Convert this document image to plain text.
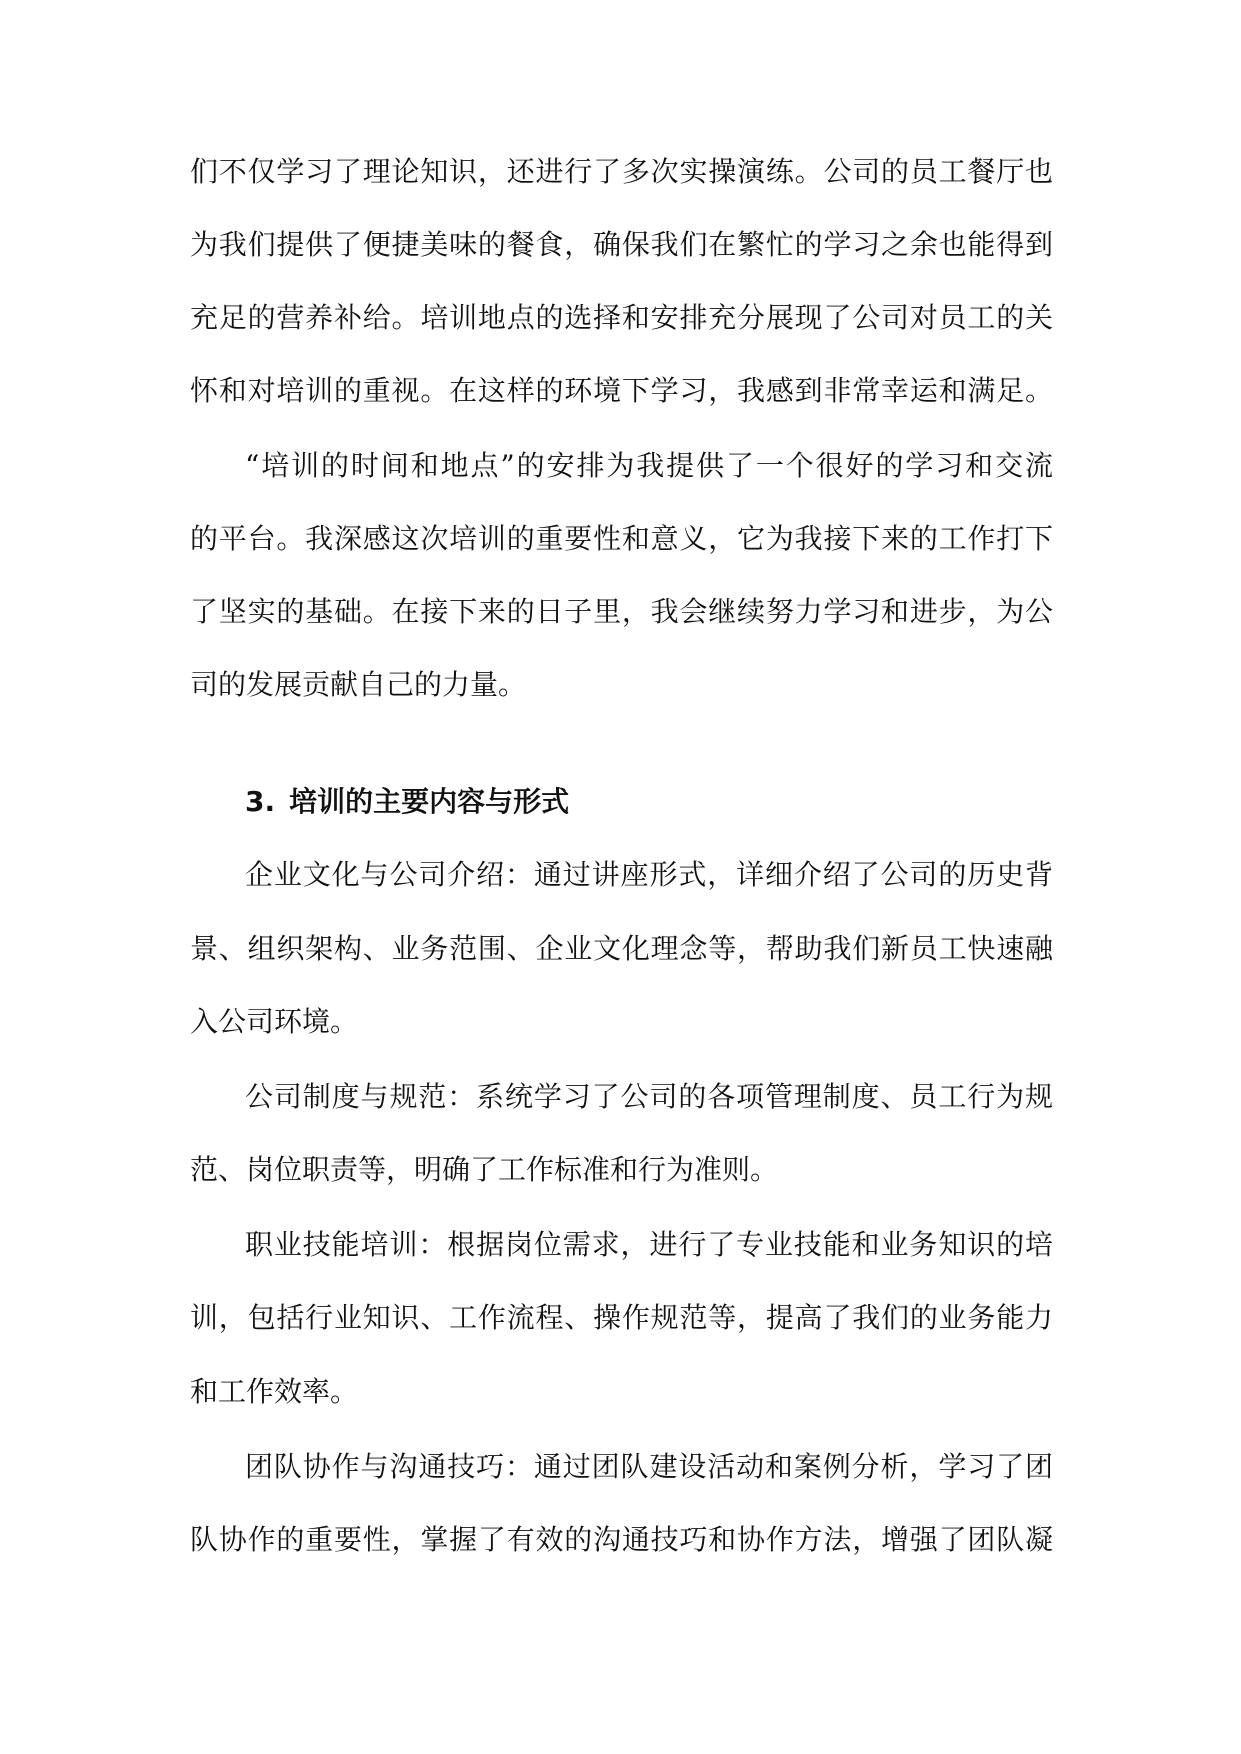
们不仅学习了理论知识，还进行了多次实操演练。公司的员工餐厅也
为我们提供了便捷美味的餐食，确保我们在繁忙的学习之余也能得到
充足的营养补给。培训地点的选择和安排充分展现了公司对员工的关
怀和对培训的重视。在这样的环境下学习，我感到非常幸运和满足。
“培训的时间和地点”的安排为我提供了一个很好的学习和交流
的平台。我深感这次培训的重要性和意义，它为我接下来的工作打下
了坚实的基础。在接下来的日子里，我会继续努力学习和进步，为公
司的发展贡献自己的力量。
3. 培训的主要内容与形式
企业文化与公司介绍：通过讲座形式，详细介绍了公司的历史背
景、组织架构、业务范围、企业文化理念等，帮助我们新员工快速融
入公司环境。
公司制度与规范：系统学习了公司的各项管理制度、员工行为规
范、岗位职责等，明确了工作标准和行为准则。
职业技能培训：根据岗位需求，进行了专业技能和业务知识的培
训，包括行业知识、工作流程、操作规范等，提高了我们的业务能力
和工作效率。
团队协作与沟通技巧：通过团队建设活动和案例分析，学习了团
队协作的重要性，掌握了有效的沟通技巧和协作方法，增强了团队凝
